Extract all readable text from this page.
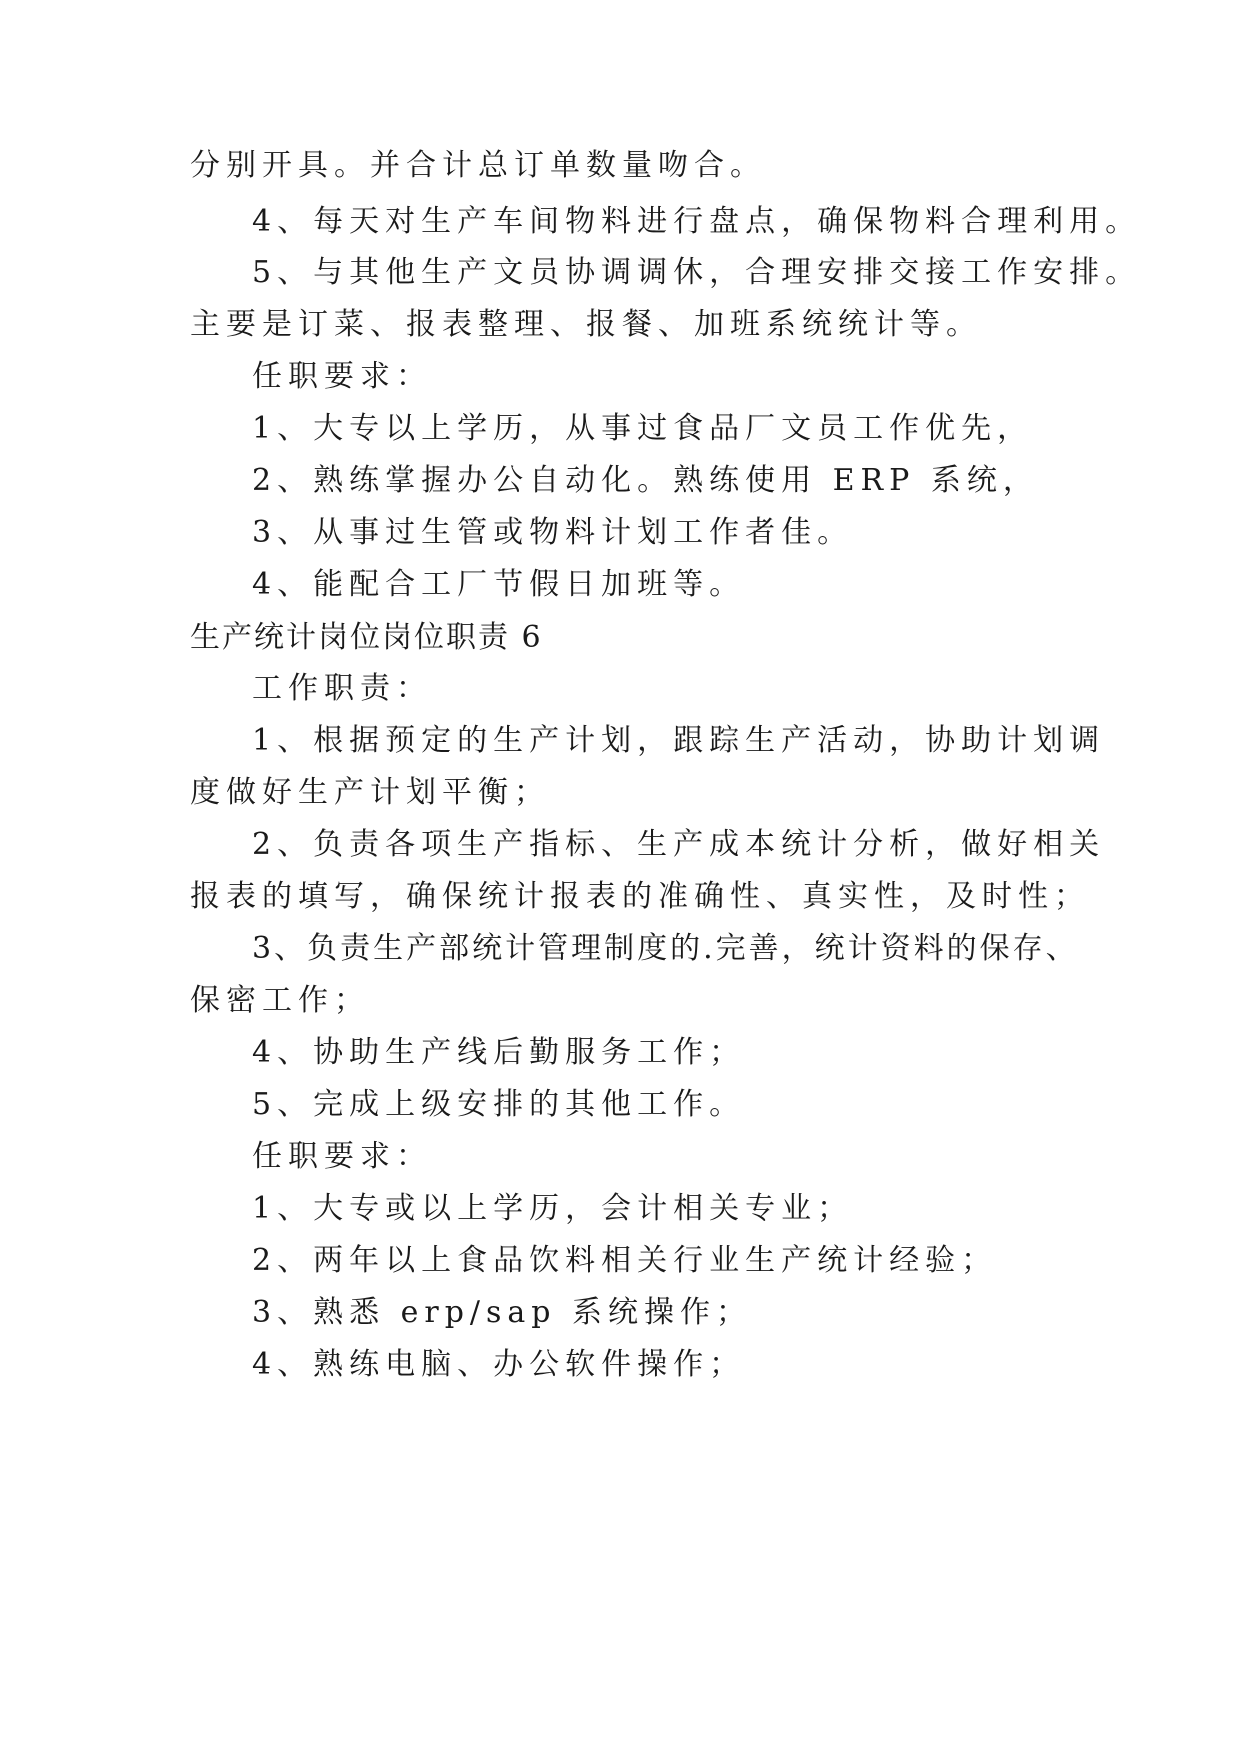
分别开具。并合计总订单数量吻合。
4、每天对生产车间物料进行盘点，确保物料合理利用。
5、与其他生产文员协调调休，合理安排交接工作安排。
主要是订菜、报表整理、报餐、加班系统统计等。
任职要求：
1、大专以上学历，从事过食品厂文员工作优先，
2、熟练掌握办公自动化。熟练使用 ERP 系统，
3、从事过生管或物料计划工作者佳。
4、能配合工厂节假日加班等。
生产统计岗位岗位职责 6
工作职责：
1、根据预定的生产计划，跟踪生产活动，协助计划调
度做好生产计划平衡；
2、负责各项生产指标、生产成本统计分析，做好相关
报表的填写，确保统计报表的准确性、真实性，及时性；
3、负责生产部统计管理制度的.完善，统计资料的保存、
保密工作；
4、协助生产线后勤服务工作；
5、完成上级安排的其他工作。
任职要求：
1、大专或以上学历，会计相关专业；
2、两年以上食品饮料相关行业生产统计经验；
3、熟悉 erp/sap 系统操作；
4、熟练电脑、办公软件操作；
